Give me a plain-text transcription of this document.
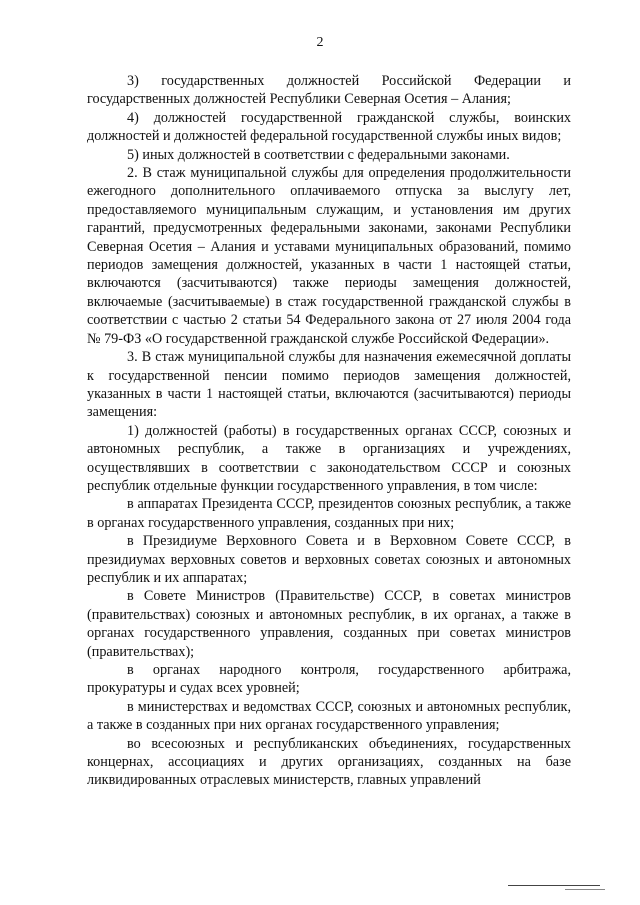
2

3) государственных должностей Российской Федерации и государственных должностей Республики Северная Осетия – Алания;

4) должностей государственной гражданской службы, воинских должностей и должностей федеральной государственной службы иных видов;

5) иных должностей в соответствии с федеральными законами.

2. В стаж муниципальной службы для определения продолжительности ежегодного дополнительного оплачиваемого отпуска за выслугу лет, предоставляемого муниципальным служащим, и установления им других гарантий, предусмотренных федеральными законами, законами Республики Северная Осетия – Алания и уставами муниципальных образований, помимо периодов замещения должностей, указанных в части 1 настоящей статьи, включаются (засчитываются) также периоды замещения должностей, включаемые (засчитываемые) в стаж государственной гражданской службы в соответствии с частью 2 статьи 54 Федерального закона от 27 июля 2004 года № 79-ФЗ «О государственной гражданской службе Российской Федерации».

3. В стаж муниципальной службы для назначения ежемесячной доплаты к государственной пенсии помимо периодов замещения должностей, указанных в части 1 настоящей статьи, включаются (засчитываются) периоды замещения:

1) должностей (работы) в государственных органах СССР, союзных и автономных республик, а также в организациях и учреждениях, осуществлявших в соответствии с законодательством СССР и союзных республик отдельные функции государственного управления, в том числе:

в аппаратах Президента СССР, президентов союзных республик, а также в органах государственного управления, созданных при них;

в Президиуме Верховного Совета и в Верховном Совете СССР, в президиумах верховных советов и верховных советах союзных и автономных республик и их аппаратах;

в Совете Министров (Правительстве) СССР, в советах министров (правительствах) союзных и автономных республик, в их органах, а также в органах государственного управления, созданных при советах министров (правительствах);

в органах народного контроля, государственного арбитража, прокуратуры и судах всех уровней;

в министерствах и ведомствах СССР, союзных и автономных республик, а также в созданных при них органах государственного управления;

во всесоюзных и республиканских объединениях, государственных концернах, ассоциациях и других организациях, созданных на базе ликвидированных отраслевых министерств, главных управлений
